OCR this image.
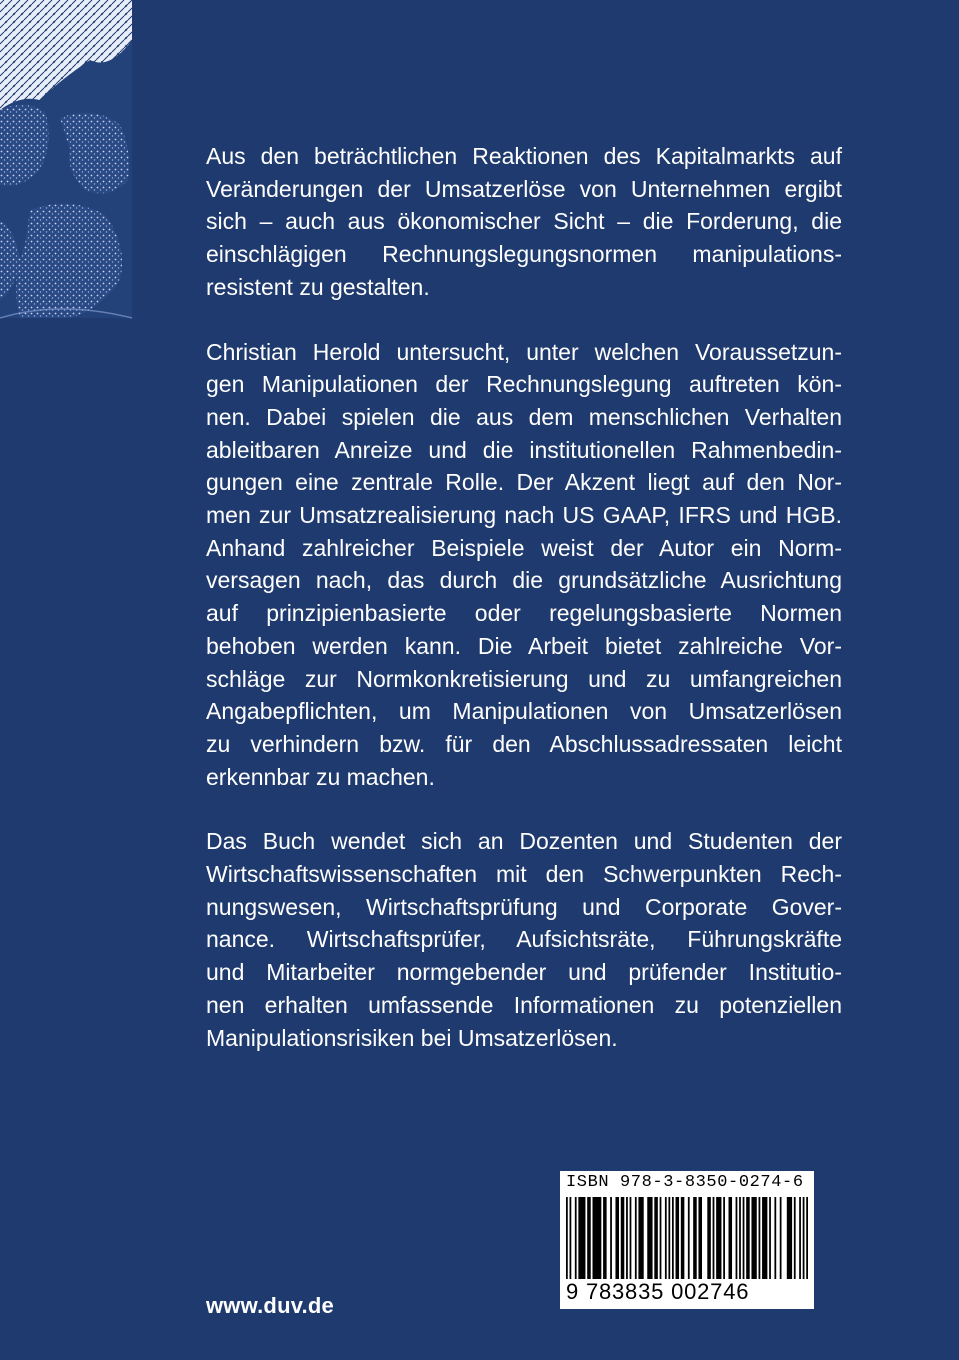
Aus den beträchtlichen Reaktionen des Kapitalmarkts auf
Veränderungen der Umsatzerlöse von Unternehmen ergibt
sich – auch aus ökonomischer Sicht – die Forderung, die
einschlägigen Rechnungslegungsnormen manipulations-
resistent zu gestalten.

Christian Herold untersucht, unter welchen Voraussetzun-
gen Manipulationen der Rechnungslegung auftreten kön-
nen. Dabei spielen die aus dem menschlichen Verhalten
ableitbaren Anreize und die institutionellen Rahmenbedin-
gungen eine zentrale Rolle. Der Akzent liegt auf den Nor-
men zur Umsatzrealisierung nach US GAAP, IFRS und HGB.
Anhand zahlreicher Beispiele weist der Autor ein Norm-
versagen nach, das durch die grundsätzliche Ausrichtung
auf prinzipienbasierte oder regelungsbasierte Normen
behoben werden kann. Die Arbeit bietet zahlreiche Vor-
schläge zur Normkonkretisierung und zu umfangreichen
Angabepflichten, um Manipulationen von Umsatzerlösen
zu verhindern bzw. für den Abschlussadressaten leicht
erkennbar zu machen.

Das Buch wendet sich an Dozenten und Studenten der
Wirtschaftswissenschaften mit den Schwerpunkten Rech-
nungswesen, Wirtschaftsprüfung und Corporate Gover-
nance. Wirtschaftsprüfer, Aufsichtsräte, Führungskräfte
und Mitarbeiter normgebender und prüfender Institutio-
nen erhalten umfassende Informationen zu potenziellen
Manipulationsrisiken bei Umsatzerlösen.

www.duv.de
ISBN 978-3-8350-0274-6
9 783835 002746
